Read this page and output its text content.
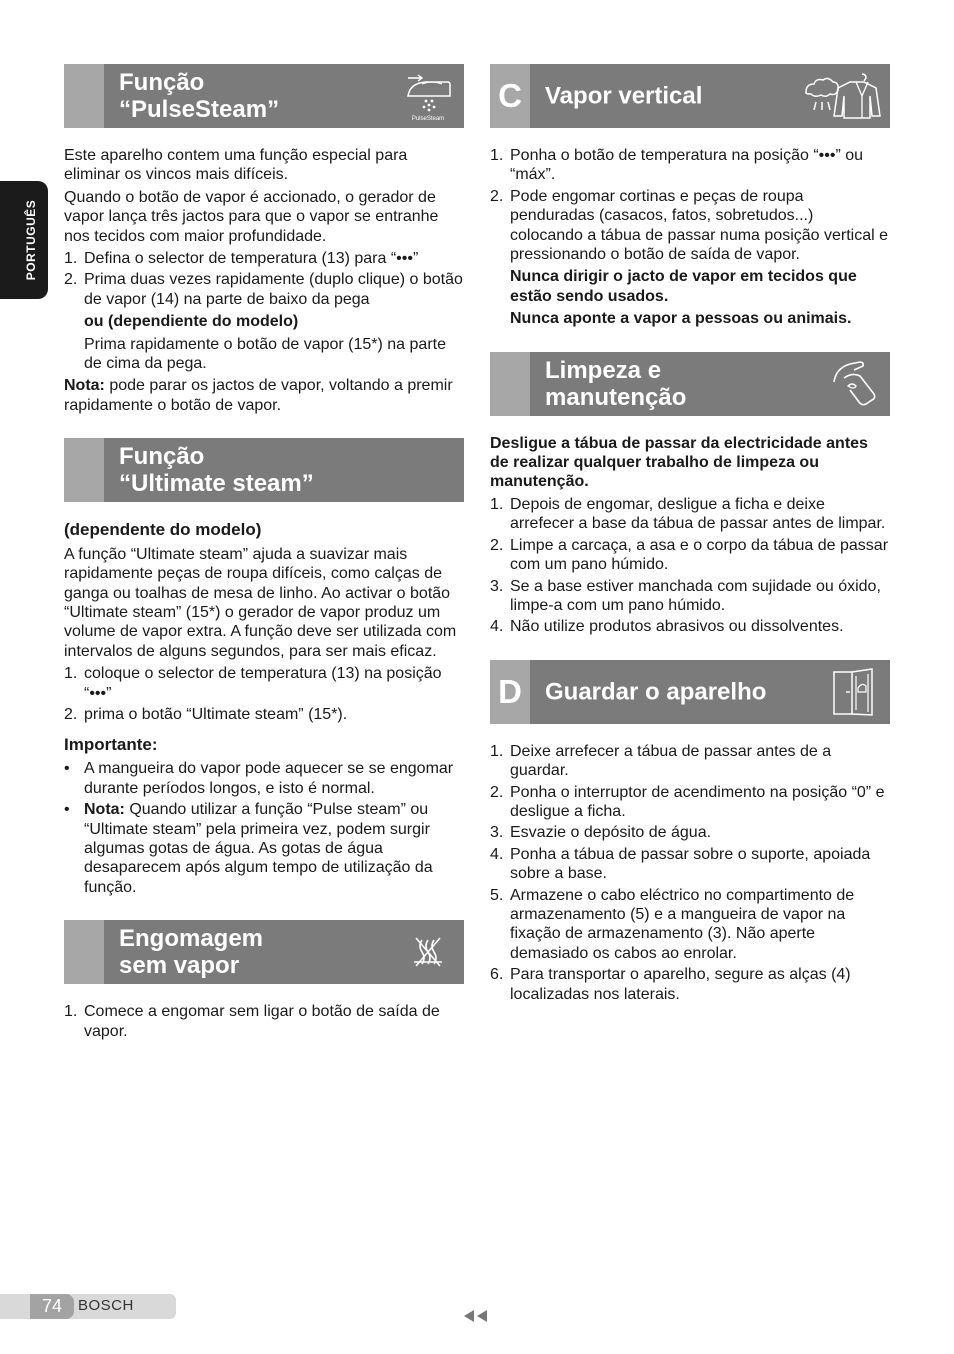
PORTUGUÊS
Função
“PulseSteam”	PulseSteam

Este aparelho contem uma função especial para eliminar os vincos mais difíceis.

Quando o botão de vapor é accionado, o gerador de vapor lança três jactos para que o vapor se entranhe nos tecidos com maior profundidade.

1. Defina o selector de temperatura (13) para “•••”
2. Prima duas vezes rapidamente (duplo clique) o botão de vapor (14) na parte de baixo da pega

ou (dependiente do modelo)

Prima rapidamente o botão de vapor (15*) na parte de cima da pega.

Nota: pode parar os jactos de vapor, voltando a premir rapidamente o botão de vapor.

Função
“Ultimate steam”

(dependente do modelo)

A função “Ultimate steam” ajuda a suavizar mais rapidamente peças de roupa difíceis, como calças de ganga ou toalhas de mesa de linho. Ao activar o botão “Ultimate steam” (15*) o gerador de vapor produz um volume de vapor extra. A função deve ser utilizada com intervalos de alguns segundos, para ser mais eficaz.

1. coloque o selector de temperatura (13) na posição “•••”
2. prima o botão “Ultimate steam” (15*).

Importante:

• A mangueira do vapor pode aquecer se se engomar durante períodos longos, e isto é normal.
• Nota: Quando utilizar a função “Pulse steam” ou “Ultimate steam” pela primeira vez, podem surgir algumas gotas de água. As gotas de água desaparecem após algum tempo de utilização da função.
Engomagem
sem vapor
1. Comece a engomar sem ligar o botão de saída de vapor.
C Vapor vertical
1. Ponha o botão de temperatura na posição “•••” ou “máx”.
2. Pode engomar cortinas e peças de roupa penduradas (casacos, fatos, sobretudos...) colocando a tábua de passar numa posição vertical e pressionando o botão de saída de vapor.

Nunca dirigir o jacto de vapor em tecidos que estão sendo usados.

Nunca aponte a vapor a pessoas ou animais.

Limpeza e
manutenção

Desligue a tábua de passar da electricidade antes de realizar qualquer trabalho de limpeza ou manutenção.

1. Depois de engomar, desligue a ficha e deixe arrefecer a base da tábua de passar antes de limpar.
2. Limpe a carcaça, a asa e o corpo da tábua de passar com um pano húmido.
3. Se a base estiver manchada com sujidade ou óxido, limpe-a com um pano húmido.
4. Não utilize produtos abrasivos ou dissolventes.
D Guardar o aparelho
1. Deixe arrefecer a tábua de passar antes de a guardar.
2. Ponha o interruptor de acendimento na posição “0” e desligue a ficha.
3. Esvazie o depósito de água.
4. Ponha a tábua de passar sobre o suporte, apoiada sobre a base.
5. Armazene o cabo eléctrico no compartimento de armazenamento (5) e a mangueira de vapor na fixação de armazenamento (3). Não aperte demasiado os cabos ao enrolar.
6. Para transportar o aparelho, segure as alças (4) localizadas nos laterais.
74	BOSCH
